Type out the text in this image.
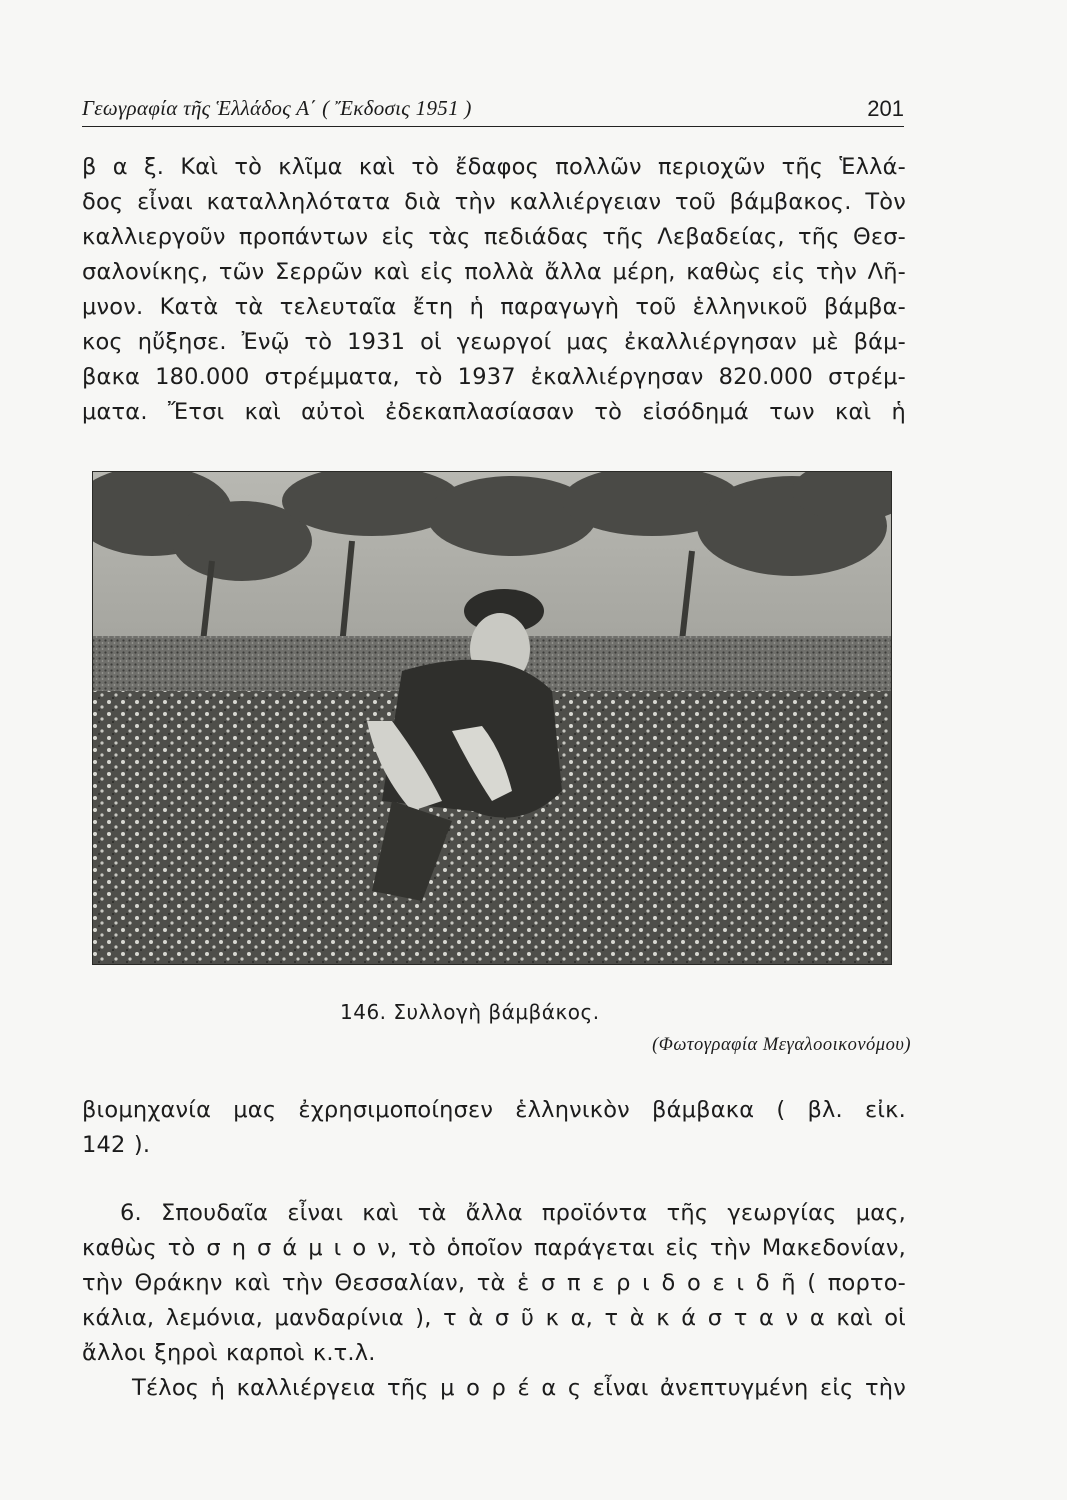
Γεωγραφία τῆς Ἑλλάδος Α΄ ( Ἔκδοσις 1951 )	201
β α ξ. Καὶ τὸ κλῖμα καὶ τὸ ἔδαφος πολλῶν περιοχῶν τῆς Ἑλλά-
δος εἶναι καταλληλότατα διὰ τὴν καλλιέργειαν τοῦ βάμβακος. Τὸν
καλλιεργοῦν προπάντων εἰς τὰς πεδιάδας τῆς Λεβαδείας, τῆς Θεσ-
σαλονίκης, τῶν Σερρῶν καὶ εἰς πολλὰ ἄλλα μέρη, καθὼς εἰς τὴν Λῆ-
μνον. Κατὰ τὰ τελευταῖα ἔτη ἡ παραγωγὴ τοῦ ἑλληνικοῦ βάμβα-
κος ηὔξησε. Ἐνῷ τὸ 1931 οἱ γεωργοί μας ἐκαλλιέργησαν μὲ βάμ-
βακα 180.000 στρέμματα, τὸ 1937 ἐκαλλιέργησαν 820.000 στρέμ-
ματα. Ἔτσι καὶ αὐτοὶ ἐδεκαπλασίασαν τὸ εἰσόδημά των καὶ ἡ
146. Συλλογὴ βάμβάκος.
(Φωτογραφία Μεγαλοοικονόμου)
βιομηχανία μας ἐχρησιμοποίησεν ἑλληνικὸν βάμβακα ( βλ. εἰκ.
142 ).
6. Σπουδαῖα εἶναι καὶ τὰ ἄλλα προϊόντα τῆς γεωργίας μας,
καθὼς τὸ σ η σ ά μ ι ο ν, τὸ ὁποῖον παράγεται εἰς τὴν Μακεδονίαν,
τὴν Θράκην καὶ τὴν Θεσσαλίαν, τὰ ἑ σ π ε ρ ι δ ο ε ι δ ῆ ( πορτο-
κάλια, λεμόνια, μανδαρίνια ), τ ὰ σ ῦ κ α, τ ὰ κ ά σ τ α ν α καὶ οἱ
ἄλλοι ξηροὶ καρποὶ κ.τ.λ.
Τέλος ἡ καλλιέργεια τῆς μ ο ρ έ α ς εἶναι ἀνεπτυγμένη εἰς τὴν
